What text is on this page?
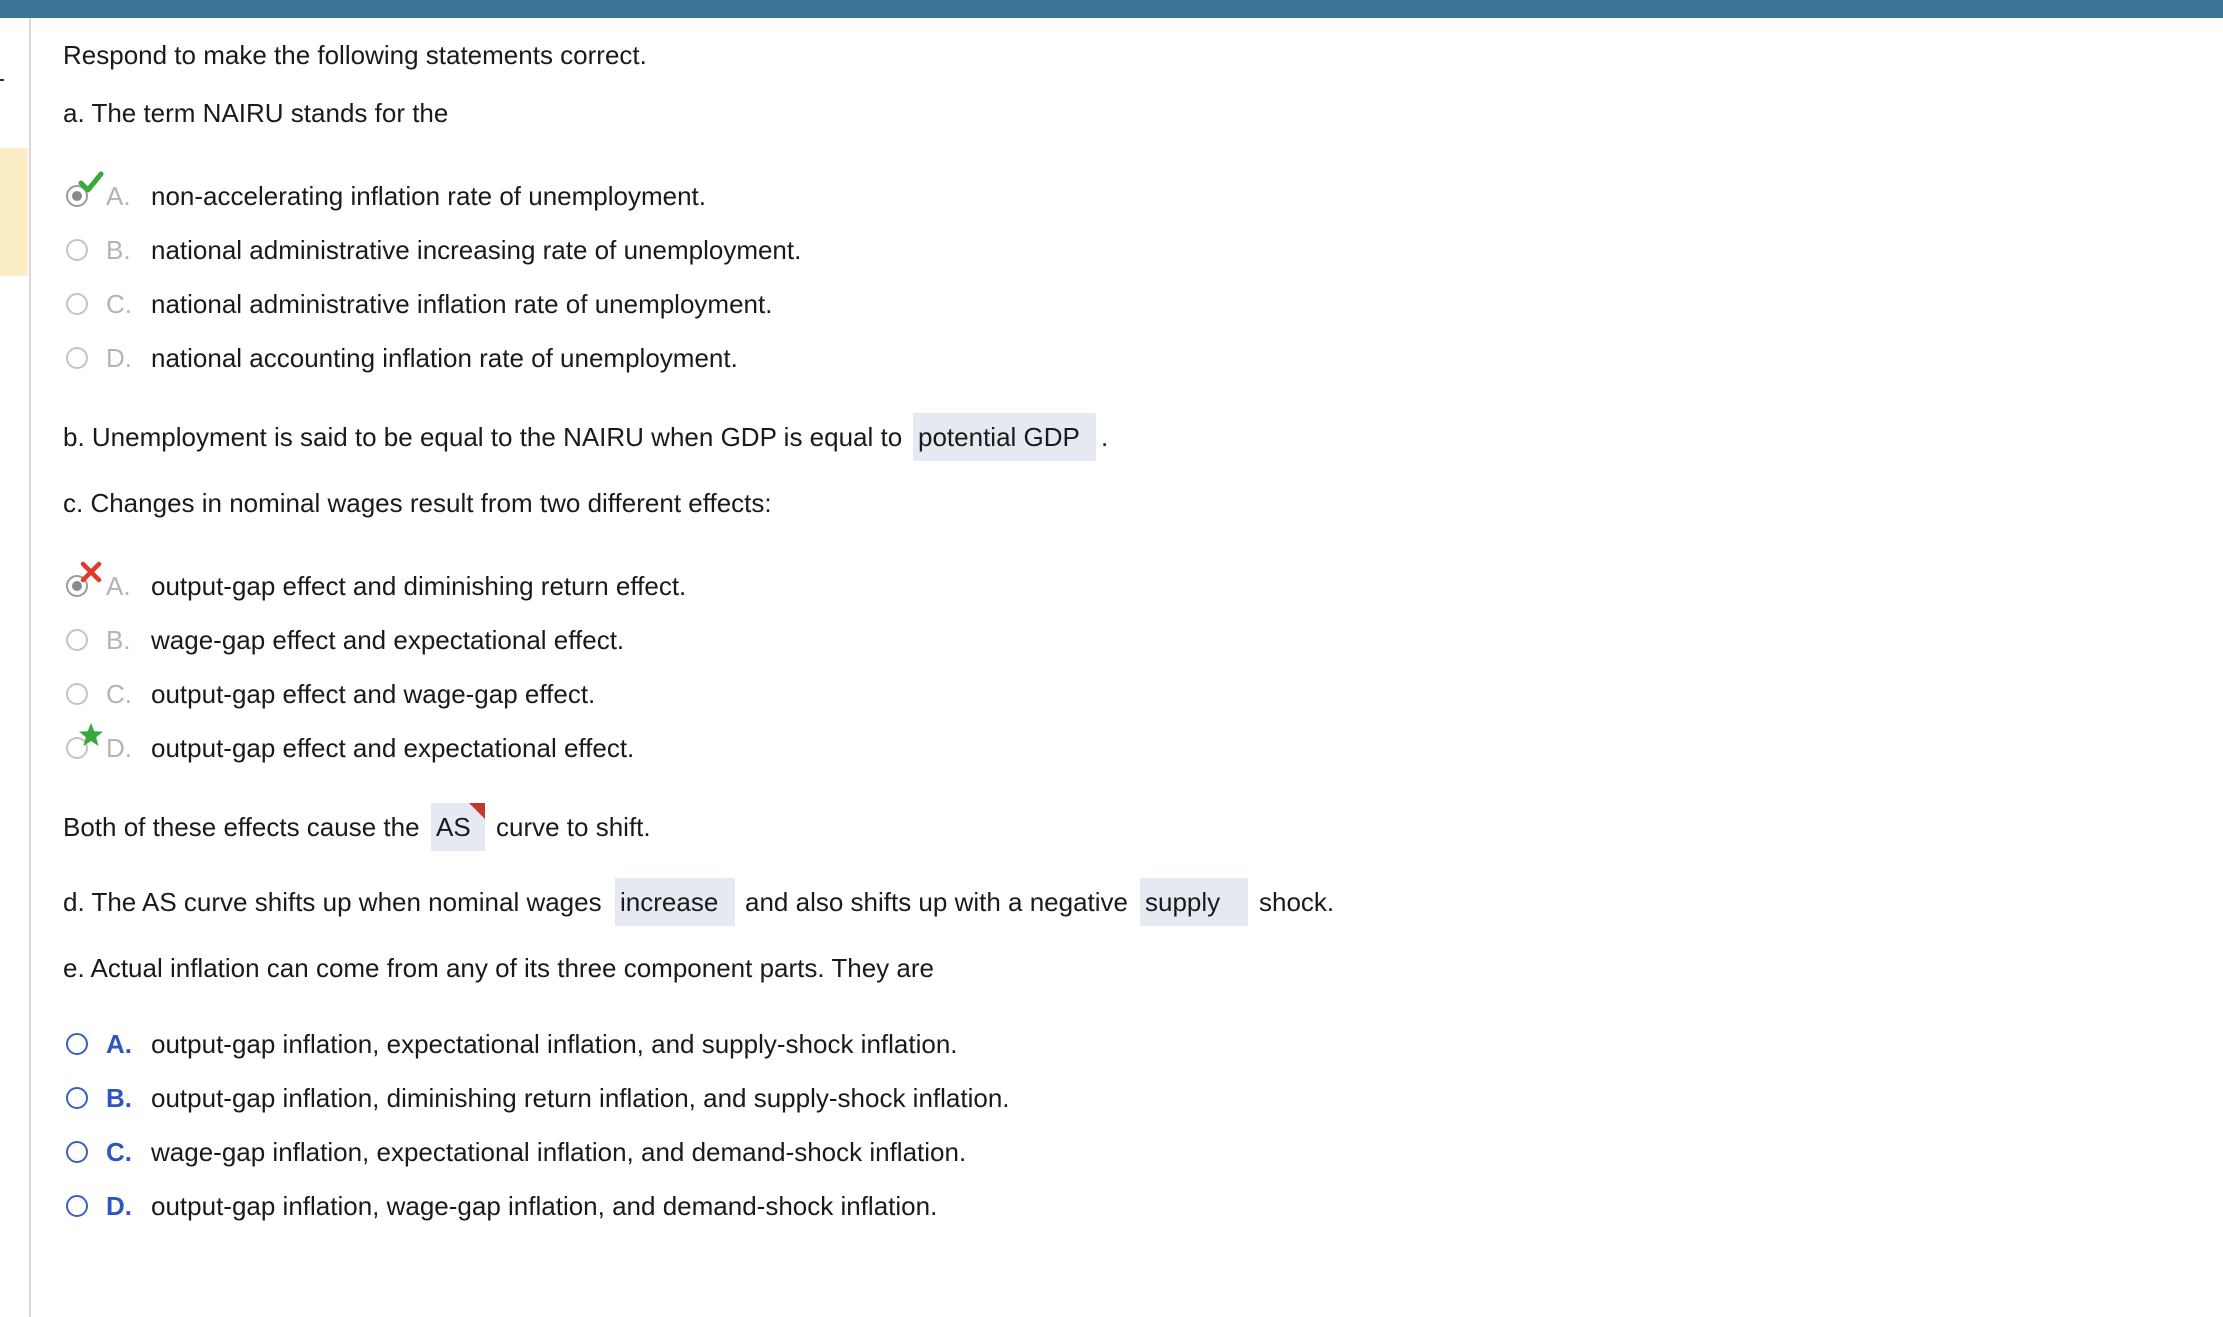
Respond to make the following statements correct.
a. The term NAIRU stands for the
A. non-accelerating inflation rate of unemployment.
B. national administrative increasing rate of unemployment.
C. national administrative inflation rate of unemployment.
D. national accounting inflation rate of unemployment.
b. Unemployment is said to be equal to the NAIRU when GDP is equal to potential GDP .
c. Changes in nominal wages result from two different effects:
A. output-gap effect and diminishing return effect.
B. wage-gap effect and expectational effect.
C. output-gap effect and wage-gap effect.
D. output-gap effect and expectational effect.
Both of these effects cause the AS curve to shift.
d. The AS curve shifts up when nominal wages increase	and also shifts up with a negative supply	shock.
e. Actual inflation can come from any of its three component parts. They are
A. output-gap inflation, expectational inflation, and supply-shock inflation.
B. output-gap inflation, diminishing return inflation, and supply-shock inflation.
C. wage-gap inflation, expectational inflation, and demand-shock inflation.
D. output-gap inflation, wage-gap inflation, and demand-shock inflation.
